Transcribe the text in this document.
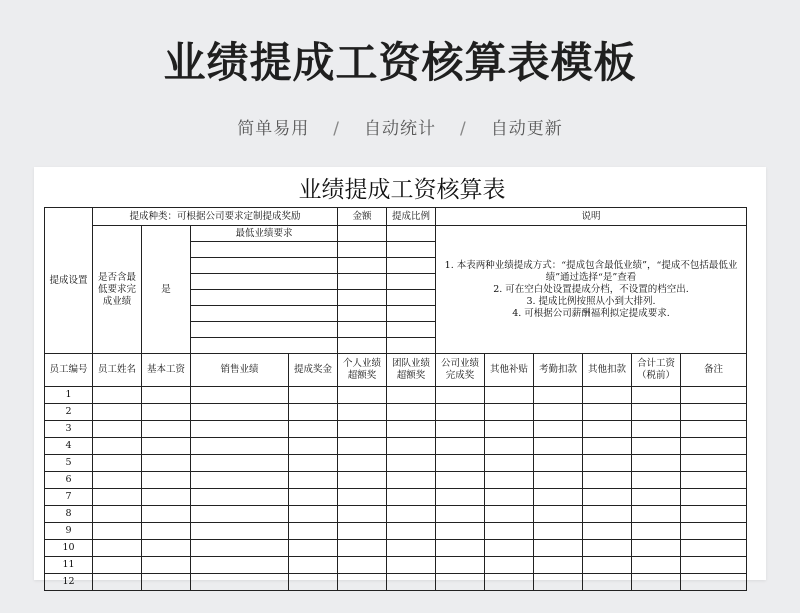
业绩提成工资核算表模板
简单易用 / 自动统计 / 自动更新
业绩提成工资核算表
提成设置	提成种类：可根据公司要求定制提成奖励				金额	提成比例	说明					
	是否含最低要求完成业绩	是	最低业绩要求				1. 本表两种业绩提成方式：“提成包含最低业绩”，“提成不包括最低业绩”通过选择“是”查看
2. 可在空白处设置提成分档，不设置的档空出.
3. 提成比例按照从小到大排列.
4. 可根据公司薪酬福利拟定提成要求.					

员工编号	员工姓名	基本工资	销售业绩	提成奖金	个人业绩超额奖	团队业绩超额奖	公司业绩完成奖	其他补贴	考勤扣款	其他扣款	合计工资（税前）	备注
1												
2												
3												
4												
5												
6												
7												
8												
9												
10												
11												
12												
